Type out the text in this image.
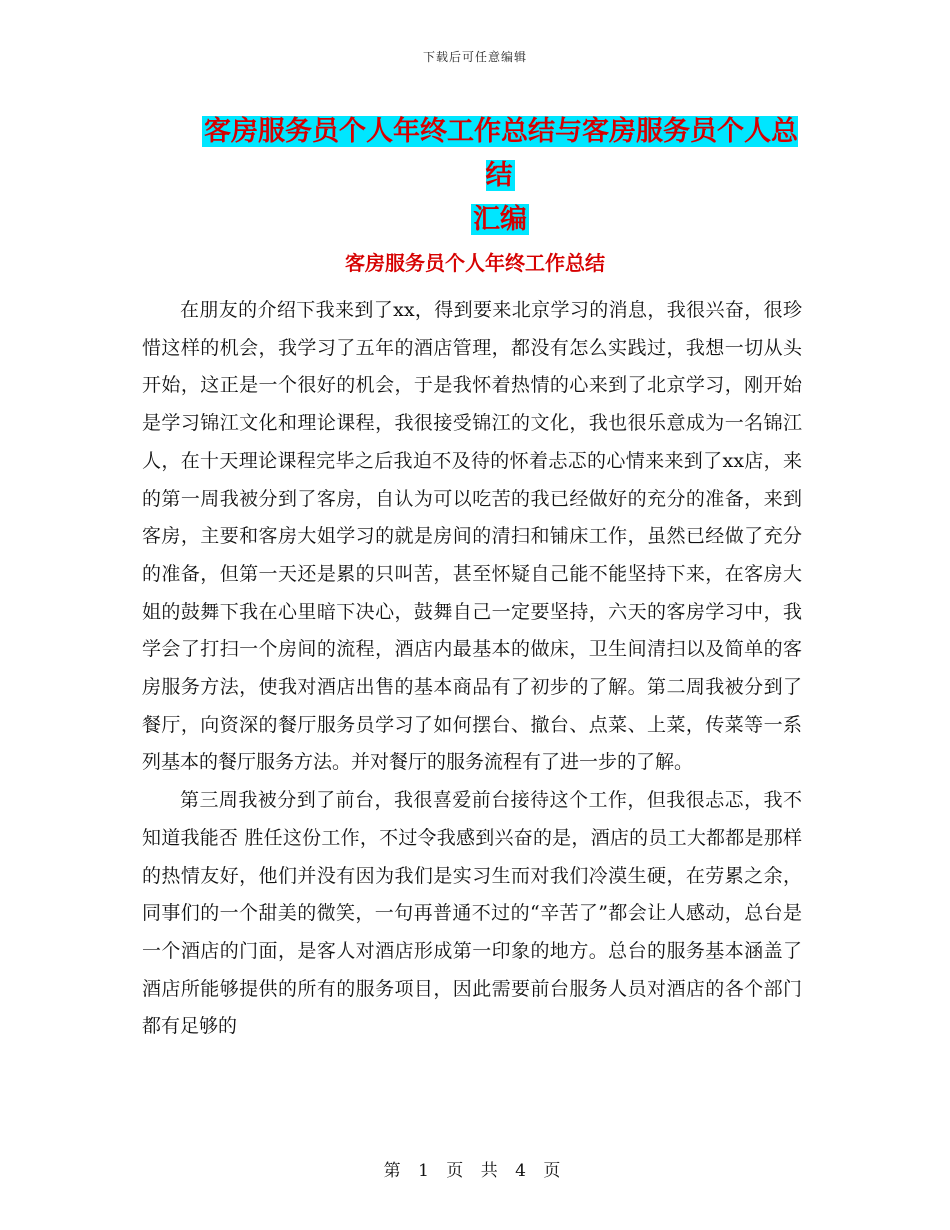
下载后可任意编辑
客房服务员个人年终工作总结与客房服务员个人总结
汇编
客房服务员个人年终工作总结

在朋友的介绍下我来到了xx，得到要来北京学习的消息，我很兴奋，很珍惜这样的机会，我学习了五年的酒店管理，都没有怎么实践过，我想一切从头开始，这正是一个很好的机会，于是我怀着热情的心来到了北京学习，刚开始是学习锦江文化和理论课程，我很接受锦江的文化，我也很乐意成为一名锦江人，在十天理论课程完毕之后我迫不及待的怀着忐忑的心情来来到了xx店，来的第一周我被分到了客房，自认为可以吃苦的我已经做好的充分的准备，来到客房，主要和客房大姐学习的就是房间的清扫和铺床工作，虽然已经做了充分的准备，但第一天还是累的只叫苦，甚至怀疑自己能不能坚持下来，在客房大姐的鼓舞下我在心里暗下决心，鼓舞自己一定要坚持，六天的客房学习中，我学会了打扫一个房间的流程，酒店内最基本的做床，卫生间清扫以及简单的客房服务方法，使我对酒店出售的基本商品有了初步的了解。第二周我被分到了餐厅，向资深的餐厅服务员学习了如何摆台、撤台、点菜、上菜，传菜等一系列基本的餐厅服务方法。并对餐厅的服务流程有了进一步的了解。

第三周我被分到了前台，我很喜爱前台接待这个工作，但我很忐忑，我不知道我能否 胜任这份工作，不过令我感到兴奋的是，酒店的员工大都都是那样的热情友好，他们并没有因为我们是实习生而对我们冷漠生硬，在劳累之余，同事们的一个甜美的微笑，一句再普通不过的“辛苦了”都会让人感动，总台是一个酒店的门面，是客人对酒店形成第一印象的地方。总台的服务基本涵盖了酒店所能够提供的所有的服务项目，因此需要前台服务人员对酒店的各个部门都有足够的

第 1 页 共 4 页
